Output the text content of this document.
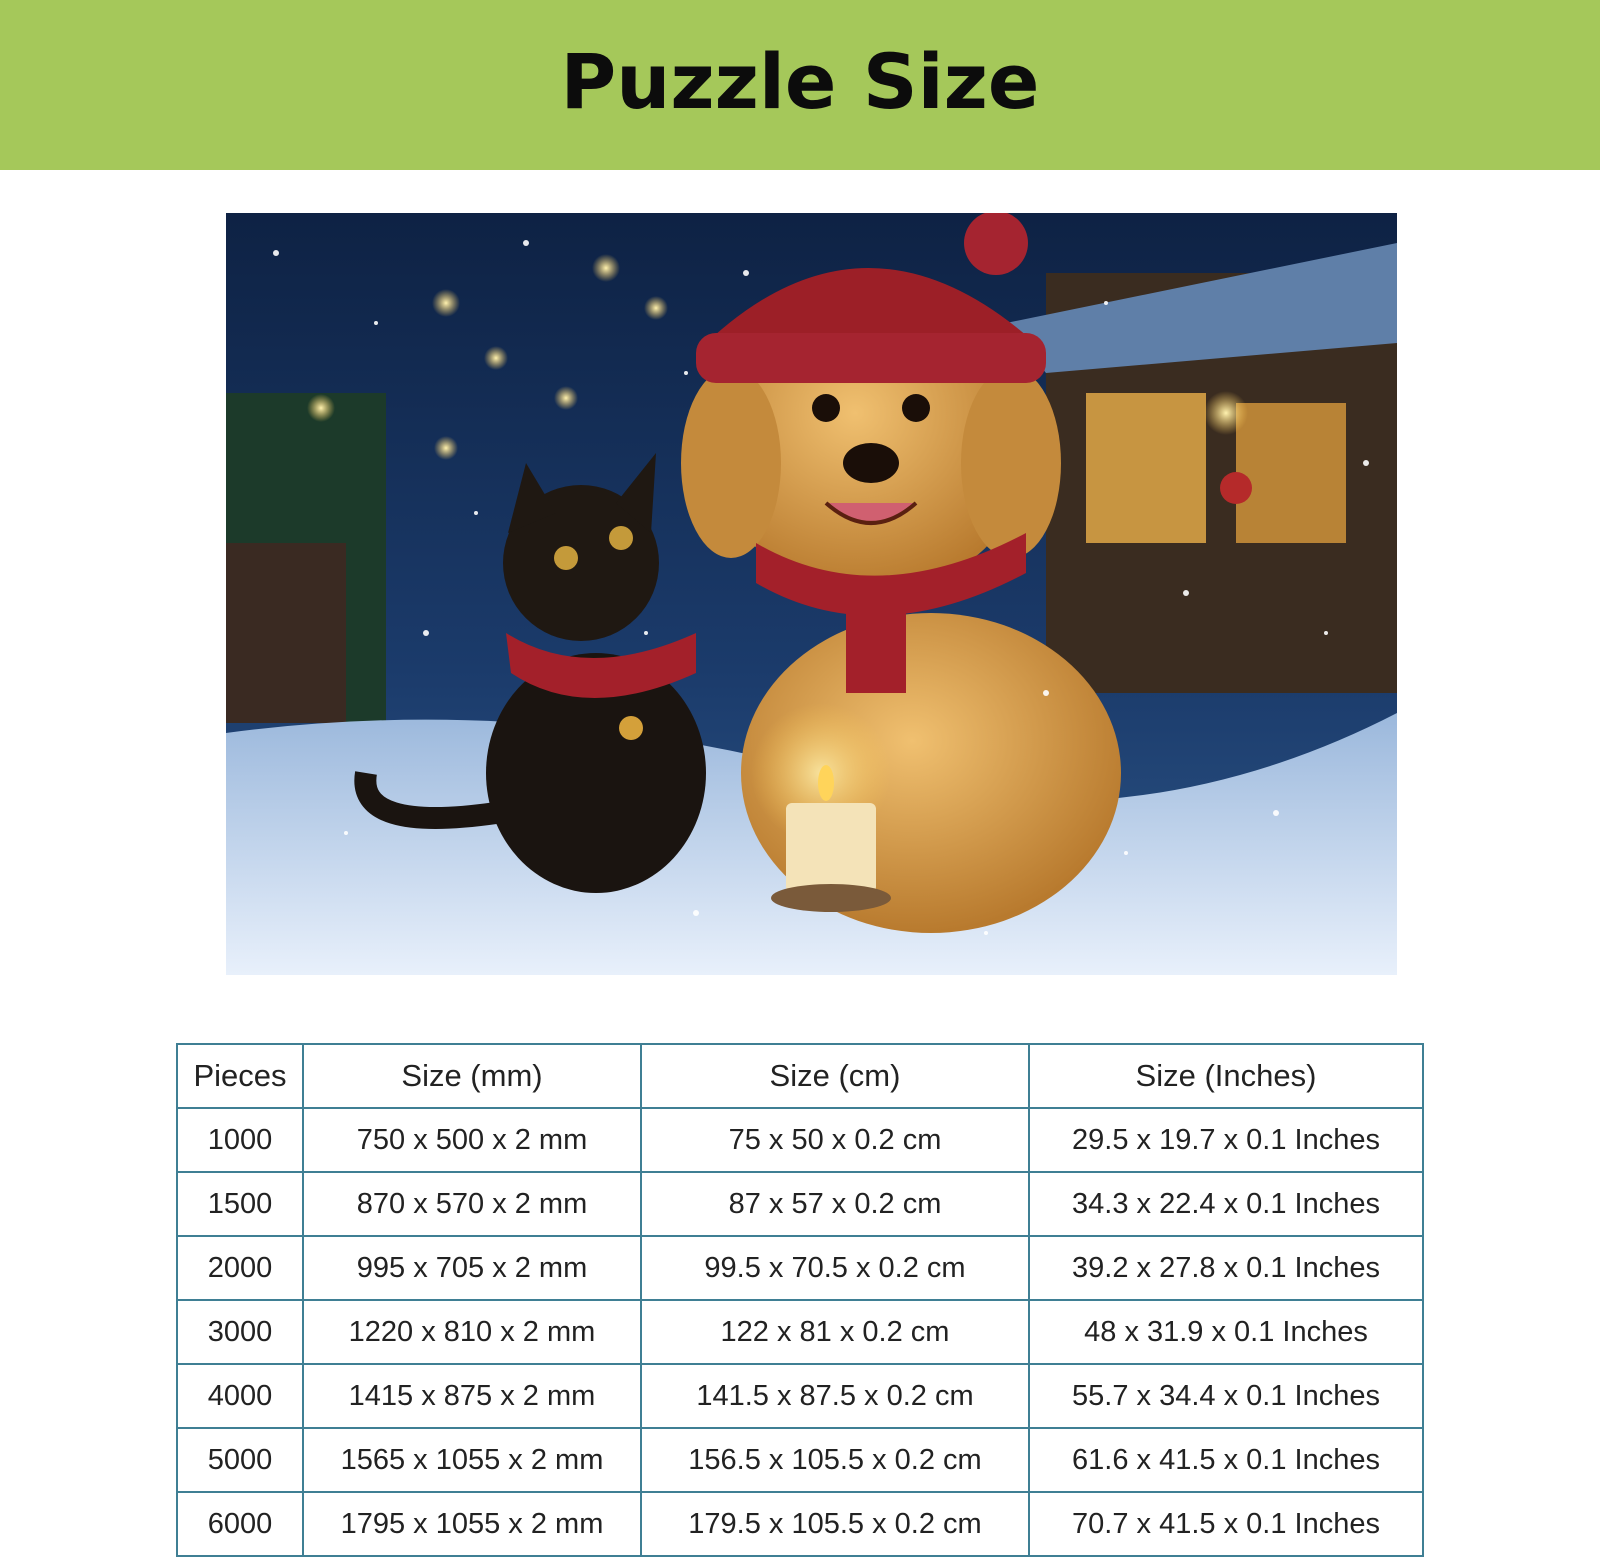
Puzzle Size
Pieces	Size (mm)	Size (cm)	Size (Inches)
1000	750 x 500 x 2 mm	75 x 50 x 0.2 cm	29.5 x 19.7 x 0.1 Inches
1500	870 x 570 x 2 mm	87 x 57 x 0.2 cm	34.3 x 22.4 x 0.1 Inches
2000	995 x 705 x 2 mm	99.5 x 70.5 x 0.2 cm	39.2 x 27.8 x 0.1 Inches
3000	1220 x 810 x 2 mm	122 x 81 x 0.2 cm	48 x 31.9 x 0.1 Inches
4000	1415 x 875 x 2 mm	141.5 x 87.5 x 0.2 cm	55.7 x 34.4 x 0.1 Inches
5000	1565 x 1055 x 2 mm	156.5 x 105.5 x 0.2 cm	61.6 x 41.5 x 0.1 Inches
6000	1795 x 1055 x 2 mm	179.5 x 105.5 x 0.2 cm	70.7 x 41.5 x 0.1 Inches
